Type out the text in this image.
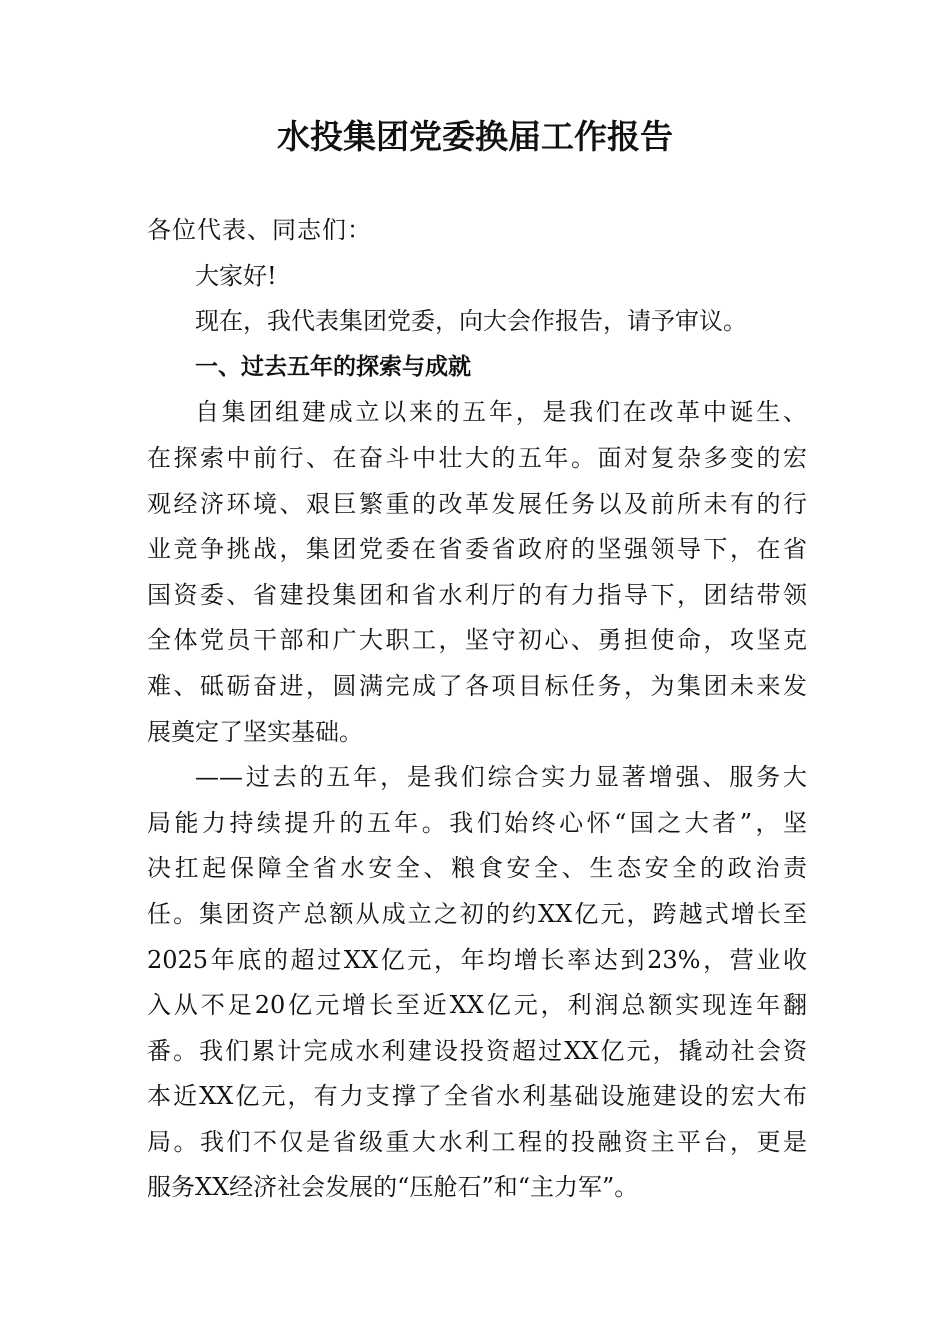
水投集团党委换届工作报告
各位代表、同志们：
大家好!
现在，我代表集团党委，向大会作报告，请予审议。
一、过去五年的探索与成就
自集团组建成立以来的五年，是我们在改革中诞生、
在探索中前行、在奋斗中壮大的五年。面对复杂多变的宏
观经济环境、艰巨繁重的改革发展任务以及前所未有的行
业竞争挑战，集团党委在省委省政府的坚强领导下，在省
国资委、省建投集团和省水利厅的有力指导下，团结带领
全体党员干部和广大职工，坚守初心、勇担使命，攻坚克
难、砥砺奋进，圆满完成了各项目标任务，为集团未来发
展奠定了坚实基础。
——过去的五年，是我们综合实力显著增强、服务大
局能力持续提升的五年。我们始终心怀“国之大者”，坚
决扛起保障全省水安全、粮食安全、生态安全的政治责
任。集团资产总额从成立之初的约XX亿元，跨越式增长至
2025年底的超过XX亿元，年均增长率达到23%，营业收
入从不足20亿元增长至近XX亿元，利润总额实现连年翻
番。我们累计完成水利建设投资超过XX亿元，撬动社会资
本近XX亿元，有力支撑了全省水利基础设施建设的宏大布
局。我们不仅是省级重大水利工程的投融资主平台，更是
服务XX经济社会发展的“压舱石”和“主力军”。
